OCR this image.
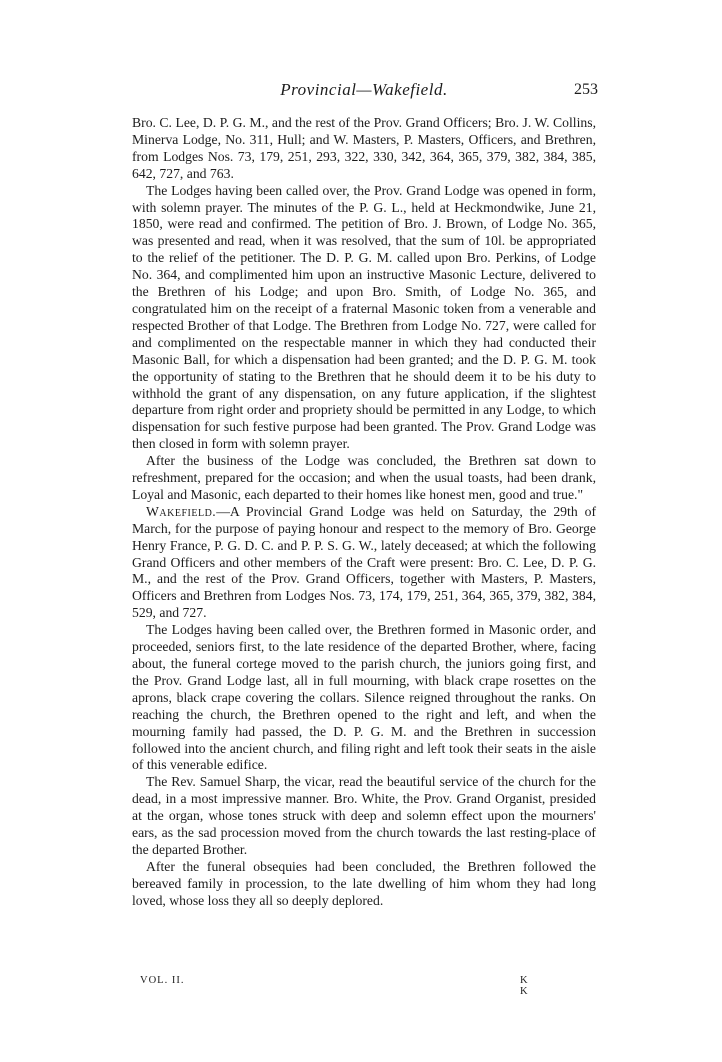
Provincial—Wakefield.	253

Bro. C. Lee, D. P. G. M., and the rest of the Prov. Grand Officers; Bro. J. W. Collins, Minerva Lodge, No. 311, Hull; and W. Masters, P. Masters, Officers, and Brethren, from Lodges Nos. 73, 179, 251, 293, 322, 330, 342, 364, 365, 379, 382, 384, 385, 642, 727, and 763.

The Lodges having been called over, the Prov. Grand Lodge was opened in form, with solemn prayer. The minutes of the P. G. L., held at Heckmondwike, June 21, 1850, were read and confirmed. The petition of Bro. J. Brown, of Lodge No. 365, was presented and read, when it was resolved, that the sum of 10l. be appropriated to the relief of the petitioner. The D. P. G. M. called upon Bro. Perkins, of Lodge No. 364, and complimented him upon an instructive Masonic Lecture, delivered to the Brethren of his Lodge; and upon Bro. Smith, of Lodge No. 365, and congratulated him on the receipt of a fraternal Masonic token from a venerable and respected Brother of that Lodge. The Brethren from Lodge No. 727, were called for and complimented on the respectable manner in which they had conducted their Masonic Ball, for which a dispensation had been granted; and the D. P. G. M. took the opportunity of stating to the Brethren that he should deem it to be his duty to withhold the grant of any dispensation, on any future application, if the slightest departure from right order and propriety should be permitted in any Lodge, to which dispensation for such festive purpose had been granted. The Prov. Grand Lodge was then closed in form with solemn prayer.

After the business of the Lodge was concluded, the Brethren sat down to refreshment, prepared for the occasion; and when the usual toasts, had been drank, Loyal and Masonic, each departed to their homes like honest men, good and true."

Wakefield.—A Provincial Grand Lodge was held on Saturday, the 29th of March, for the purpose of paying honour and respect to the memory of Bro. George Henry France, P. G. D. C. and P. P. S. G. W., lately deceased; at which the following Grand Officers and other members of the Craft were present: Bro. C. Lee, D. P. G. M., and the rest of the Prov. Grand Officers, together with Masters, P. Masters, Officers and Brethren from Lodges Nos. 73, 174, 179, 251, 364, 365, 379, 382, 384, 529, and 727.

The Lodges having been called over, the Brethren formed in Masonic order, and proceeded, seniors first, to the late residence of the departed Brother, where, facing about, the funeral cortege moved to the parish church, the juniors going first, and the Prov. Grand Lodge last, all in full mourning, with black crape rosettes on the aprons, black crape covering the collars. Silence reigned throughout the ranks. On reaching the church, the Brethren opened to the right and left, and when the mourning family had passed, the D. P. G. M. and the Brethren in succession followed into the ancient church, and filing right and left took their seats in the aisle of this venerable edifice.

The Rev. Samuel Sharp, the vicar, read the beautiful service of the church for the dead, in a most impressive manner. Bro. White, the Prov. Grand Organist, presided at the organ, whose tones struck with deep and solemn effect upon the mourners' ears, as the sad procession moved from the church towards the last resting-place of the departed Brother.

After the funeral obsequies had been concluded, the Brethren followed the bereaved family in procession, to the late dwelling of him whom they had long loved, whose loss they all so deeply deplored.

VOL. II.	K K
